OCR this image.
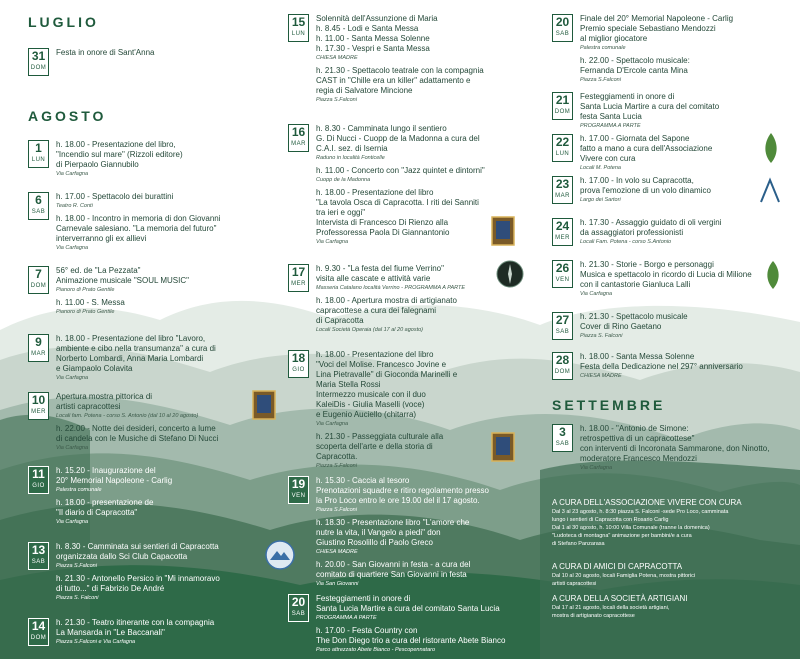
LUGLIO
AGOSTO
SETTEMBRE
31
DOM
Festa in onore di Sant'Anna
1
LUN
h. 18.00 - Presentazione del libro,
"Incendio sul mare" (Rizzoli editore)
di Pierpaolo Giannubilo
Via Carfagna
6
SAB
h. 17.00 - Spettacolo dei burattini
Teatro R. Conti
h. 18.00 - Incontro in memoria di don Giovanni
Carnevale salesiano. "La memoria del futuro"
interverranno gli ex allievi
Via Carfagna
7
DOM
56° ed. de "La Pezzata"
Animazione musicale "SOUL MUSIC"
Pianoro di Prato Gentile
h. 11.00 - S. Messa
Pianoro di Prato Gentile
9
MAR
h. 18.00 - Presentazione del libro "Lavoro,
ambiente e cibo nella transumanza" a cura di
Norberto Lombardi, Anna Maria Lombardi
e Giampaolo Colavita
Via Carfagna
10
MER
Apertura mostra pittorica di
artisti capracottesi
Locali fam. Potena - corso S. Antonio (dal 10 al 20 agosto)
h. 22.00 - Notte dei desideri, concerto a lume
di candela con le Musiche di Stefano Di Nucci
Via Carfagna
11
GIO
h. 15.20 - Inaugurazione del
20° Memorial Napoleone - Carlig
Palestra comunale
h. 18.00 - presentazione de
"Il diario di Capracotta"
Via Carfagna
13
SAB
h. 8.30 - Camminata sui sentieri di Capracotta
organizzata dallo Sci Club Capacotta
Piazza S.Falconi
h. 21.30 - Antonello Persico in "Mi innamoravo
di tutto..." di Fabrizio De André
Piazza S. Falconi
14
DOM
h. 21.30 - Teatro itinerante con la compagnia
La Mansarda in "Le Baccanali"
Piazza S.Falconi e Via Carfagna
15
LUN
Solennità dell'Assunzione di Maria
h. 8.45 - Lodi e Santa Messa
h. 11.00 - Santa Messa Solenne
h. 17.30 - Vespri e Santa Messa
CHIESA MADRE
h. 21.30 - Spettacolo teatrale con la compagnia
CAST in "Chille era un killer" adattamento e
regia di Salvatore Mincione
Piazza S.Falconi
16
MAR
h. 8.30 - Camminata lungo il sentiero
G. Di Nucci - Cuopp de la Madonna a cura del
C.A.I. sez. di Isernia
Raduno in località Fonticelle
h. 11.00 - Concerto con "Jazz quintet e dintorni"
Cuopp de la Madonna
h. 18.00 - Presentazione del libro
"La tavola Osca di Capracotta. I riti dei Sanniti
tra ieri e oggi"
Intervista di Francesco Di Rienzo alla
Professoressa Paola Di Giannantonio
Via Carfagna
17
MER
h. 9.30 - "La festa del fiume Verrino"
visita alle cascate e attività varie
Masseria Catalano località Verrino - PROGRAMMA A PARTE
h. 18.00 - Apertura mostra di artigianato
capracottese a cura dei falegnami
di Capracotta
Locali Società Operaia (dal 17 al 20 agosto)
18
GIO
h. 18.00 - Presentazione del libro
"Voci del Molise. Francesco Jovine e
Lina Pietravalle" di Gioconda Marinelli e
Maria Stella Rossi
Intermezzo musicale con il duo
KaleiDis - Giulia Maselli (voce)
e Eugenio Auciello (chitarra)
Via Carfagna
h. 21.30 - Passeggiata culturale alla
scoperta dell'arte e della storia di
Capracotta.
Piazza S.Falconi
19
VEN
h. 15.30 - Caccia al tesoro
Prenotazioni squadre e ritiro regolamento presso
la Pro Loco entro le ore 19.00 del il 17 agosto.
Piazza S.Falconi
h. 18.30 - Presentazione libro "L'amore che
nutre la vita, il Vangelo a piedi" don
Giustino Rosolillo di Paolo Greco
CHIESA MADRE
h. 20.00 - San Giovanni in festa - a cura del
comitato di quartiere San Giovanni in festa
Via San Giovanni
20
SAB
Festeggiamenti in onore di
Santa Lucia Martire a cura del comitato Santa Lucia
PROGRAMMA A PARTE
h. 17.00 - Festa Country con
The Don Diego trio a cura del ristorante Abete Bianco
Parco attrezzato Abete Bianco - Pescopennataro
20
SAB
Finale del 20° Memorial Napoleone - Carlig
Premio speciale Sebastiano Mendozzi
al miglior giocatore
Palestra comunale
h. 22.00 - Spettacolo musicale:
Fernanda D'Ercole canta Mina
Piazza S.Falconi
21
DOM
Festeggiamenti in onore di
Santa Lucia Martire a cura del comitato
festa Santa Lucia
PROGRAMMA A PARTE
22
LUN
h. 17.00 - Giornata del Sapone
fatto a mano a cura dell'Associazione
Vivere con cura
Locali M. Potena
23
MAR
h. 17.00 - In volo su Capracotta,
prova l'emozione di un volo dinamico
Largo dei Sartori
24
MER
h. 17.30 - Assaggio guidato di oli vergini
da assaggiatori professionisti
Locali Fam. Potena - corso S.Antonio
26
VEN
h. 21.30 - Storie - Borgo e personaggi
Musica e spettacolo in ricordo di Lucia di Milione
con il cantastorie Gianluca Lalli
Via Carfagna
27
SAB
h. 21.30 - Spettacolo musicale
Cover di Rino Gaetano
Piazza S. Falconi
28
DOM
h. 18.00 - Santa Messa Solenne
Festa della Dedicazione nel 297° anniversario
CHIESA MADRE
3
SAB
h. 18.00 - "Antonio de Simone:
retrospettiva di un capracottese"
con interventi di Incoronata Sammarone, don Ninotto,
moderatore Francesco Mendozzi
Via Carfagna
A CURA DELL'ASSOCIAZIONE VIVERE CON CURA
Dal 3 al 23 agosto, h. 8:30 piazza S. Falconi -sede Pro Loco, camminata
lungo i sentieri di Capracotta con Rosario Carlig
Dal 1 al 30 agosto, h. 10:00 Villa Comunale (tranne la domenica)
"Ludoteca di montagna" animazione per bambini/e a cura
di Stefano Panzarasa
A CURA DI AMICI DI CAPRACOTTA
Dal 10 al 20 agosto, locali Famiglia Potena, mostra pittorici
artisti capracottesi
A CURA DELLA SOCIETÀ ARTIGIANI
Dal 17 al 21 agosto, locali della società artigiani,
mostra di artigianato capracottese
